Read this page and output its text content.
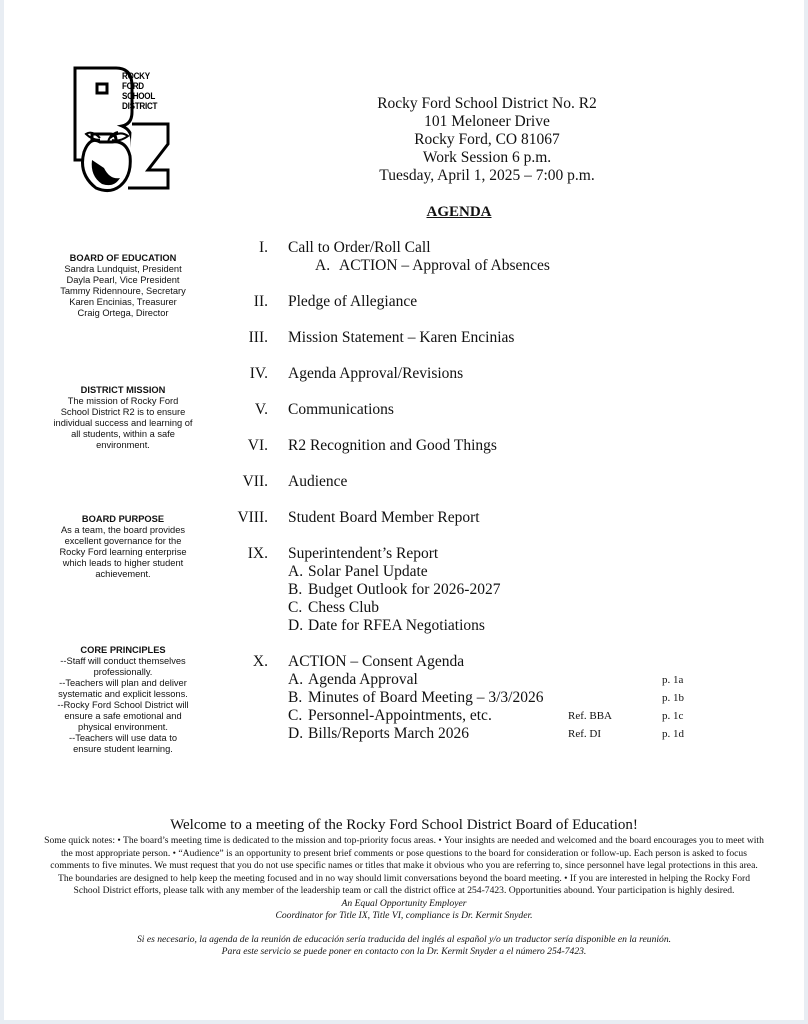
ROCKY
FORD
SCHOOL
DISTRICT	Rocky Ford School District No. R2
101 Meloneer Drive
Rocky Ford, CO 81067
Work Session 6 p.m.
Tuesday, April 1, 2025 – 7:00 p.m.
AGENDA
BOARD OF EDUCATION
Sandra Lundquist, President
Dayla Pearl, Vice President
Tammy Ridennoure, Secretary
Karen Encinias, Treasurer
Craig Ortega, Director
DISTRICT MISSION
The mission of Rocky Ford
School District R2 is to ensure
individual success and learning of
all students, within a safe
environment.
BOARD PURPOSE
As a team, the board provides
excellent governance for the
Rocky Ford learning enterprise
which leads to higher student
achievement.
CORE PRINCIPLES
--Staff will conduct themselves
professionally.
--Teachers will plan and deliver
systematic and explicit lessons.
--Rocky Ford School District will
ensure a safe emotional and
physical environment.
--Teachers will use data to
ensure student learning.
I. Call to Order/Roll Call
A. ACTION – Approval of Absences
II. Pledge of Allegiance
III. Mission Statement – Karen Encinias
IV. Agenda Approval/Revisions
V. Communications
VI. R2 Recognition and Good Things
VII. Audience
VIII. Student Board Member Report
IX. Superintendent’s Report
A. Solar Panel Update
B. Budget Outlook for 2026-2027
C. Chess Club
D. Date for RFEA Negotiations
X. ACTION – Consent Agenda
A. Agenda Approval	p. 1a
B. Minutes of Board Meeting – 3/3/2026	p. 1b
C. Personnel-Appointments, etc.	Ref. BBA	p. 1c
D. Bills/Reports March 2026	Ref. DI	p. 1d
Welcome to a meeting of the Rocky Ford School District Board of Education!
Some quick notes: • The board’s meeting time is dedicated to the mission and top-priority focus areas. • Your insights are needed and welcomed and the board encourages you to meet with the most appropriate person. • “Audience” is an opportunity to present brief comments or pose questions to the board for consideration or follow-up. Each person is asked to focus comments to five minutes. We must request that you do not use specific names or titles that make it obvious who you are referring to, since personnel have legal protections in this area. The boundaries are designed to help keep the meeting focused and in no way should limit conversations beyond the board meeting. • If you are interested in helping the Rocky Ford School District efforts, please talk with any member of the leadership team or call the district office at 254-7423. Opportunities abound. Your participation is highly desired.
An Equal Opportunity Employer
Coordinator for Title IX, Title VI, compliance is Dr. Kermit Snyder.
Si es necesario, la agenda de la reunión de educación sería traducida del inglés al español y/o un traductor sería disponible en la reunión.
Para este servicio se puede poner en contacto con la Dr. Kermit Snyder a el número 254-7423.
